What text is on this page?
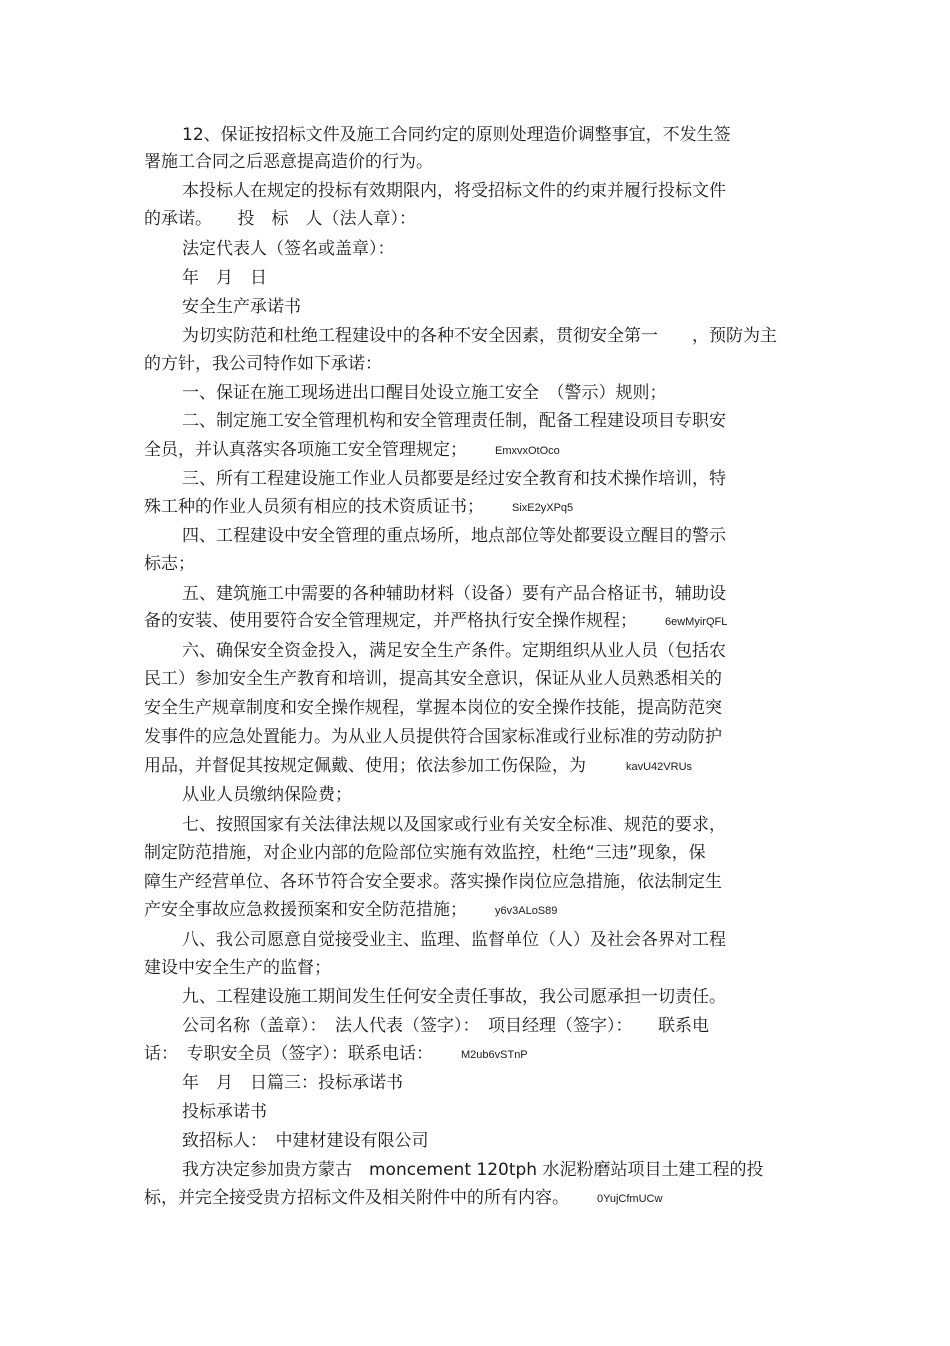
12、保证按招标文件及施工合同约定的原则处理造价调整事宜，不发生签
署施工合同之后恶意提高造价的行为。
本投标人在规定的投标有效期限内，将受招标文件的约束并履行投标文件
的承诺。　　投　标　人（法人章）：
法定代表人（签名或盖章）：
年　月　日
安全生产承诺书
为切实防范和杜绝工程建设中的各种不安全因素，贯彻安全第一　　，预防为主
的方针，我公司特作如下承诺：
一、保证在施工现场进出口醒目处设立施工安全　（警示）规则；
二、制定施工安全管理机构和安全管理责任制，配备工程建设项目专职安
全员，并认真落实各项施工安全管理规定；	EmxvxOtOco
三、所有工程建设施工作业人员都要是经过安全教育和技术操作培训，特
殊工种的作业人员须有相应的技术资质证书；	SixE2yXPq5
四、工程建设中安全管理的重点场所，地点部位等处都要设立醒目的警示
标志；
五、建筑施工中需要的各种辅助材料（设备）要有产品合格证书，辅助设
备的安装、使用要符合安全管理规定，并严格执行安全操作规程；	6ewMyirQFL
六、确保安全资金投入，满足安全生产条件。定期组织从业人员（包括农
民工）参加安全生产教育和培训，提高其安全意识，保证从业人员熟悉相关的
安全生产规章制度和安全操作规程，掌握本岗位的安全操作技能，提高防范突
发事件的应急处置能力。为从业人员提供符合国家标准或行业标准的劳动防护
用品，并督促其按规定佩戴、使用；依法参加工伤保险，为	kavU42VRUs
从业人员缴纳保险费；
七、按照国家有关法律法规以及国家或行业有关安全标准、规范的要求，
制定防范措施，对企业内部的危险部位实施有效监控，杜绝“三违”现象，保
障生产经营单位、各环节符合安全要求。落实操作岗位应急措施，依法制定生
产安全事故应急救援预案和安全防范措施；	y6v3ALoS89
八、我公司愿意自觉接受业主、监理、监督单位（人）及社会各界对工程
建设中安全生产的监督；
九、工程建设施工期间发生任何安全责任事故，我公司愿承担一切责任。
公司名称（盖章）：　法人代表（签字）：　项目经理（签字）：　　联系电
话：　专职安全员（签字）：联系电话：	M2ub6vSTnP
年　月　日篇三：投标承诺书
投标承诺书
致招标人：　中建材建设有限公司
我方决定参加贵方蒙古　moncement 120tph 水泥粉磨站项目土建工程的投
标，并完全接受贵方招标文件及相关附件中的所有内容。	0YujCfmUCw
